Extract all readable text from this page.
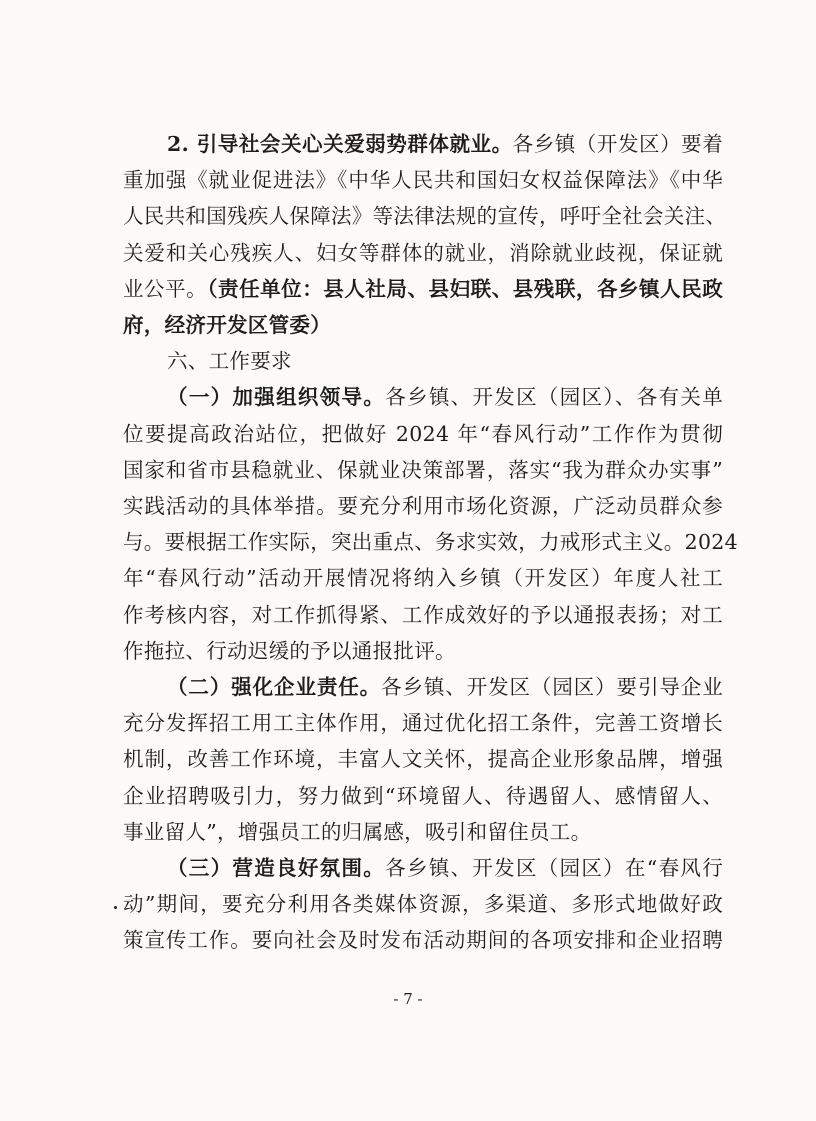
2. 引导社会关心关爱弱势群体就业。各乡镇（开发区）要着
重加强《就业促进法》《中华人民共和国妇女权益保障法》《中华
人民共和国残疾人保障法》等法律法规的宣传，呼吁全社会关注、
关爱和关心残疾人、妇女等群体的就业，消除就业歧视，保证就
业公平。（责任单位：县人社局、县妇联、县残联，各乡镇人民政
府，经济开发区管委）

六、工作要求

（一）加强组织领导。各乡镇、开发区（园区）、各有关单
位要提高政治站位，把做好 2024 年“春风行动”工作作为贯彻
国家和省市县稳就业、保就业决策部署，落实“我为群众办实事”
实践活动的具体举措。要充分利用市场化资源，广泛动员群众参
与。要根据工作实际，突出重点、务求实效，力戒形式主义。2024
年“春风行动”活动开展情况将纳入乡镇（开发区）年度人社工
作考核内容，对工作抓得紧、工作成效好的予以通报表扬；对工
作拖拉、行动迟缓的予以通报批评。

（二）强化企业责任。各乡镇、开发区（园区）要引导企业
充分发挥招工用工主体作用，通过优化招工条件，完善工资增长
机制，改善工作环境，丰富人文关怀，提高企业形象品牌，增强
企业招聘吸引力，努力做到“环境留人、待遇留人、感情留人、
事业留人”，增强员工的归属感，吸引和留住员工。

（三）营造良好氛围。各乡镇、开发区（园区）在“春风行
动”期间，要充分利用各类媒体资源，多渠道、多形式地做好政
策宣传工作。要向社会及时发布活动期间的各项安排和企业招聘

- 7 -
